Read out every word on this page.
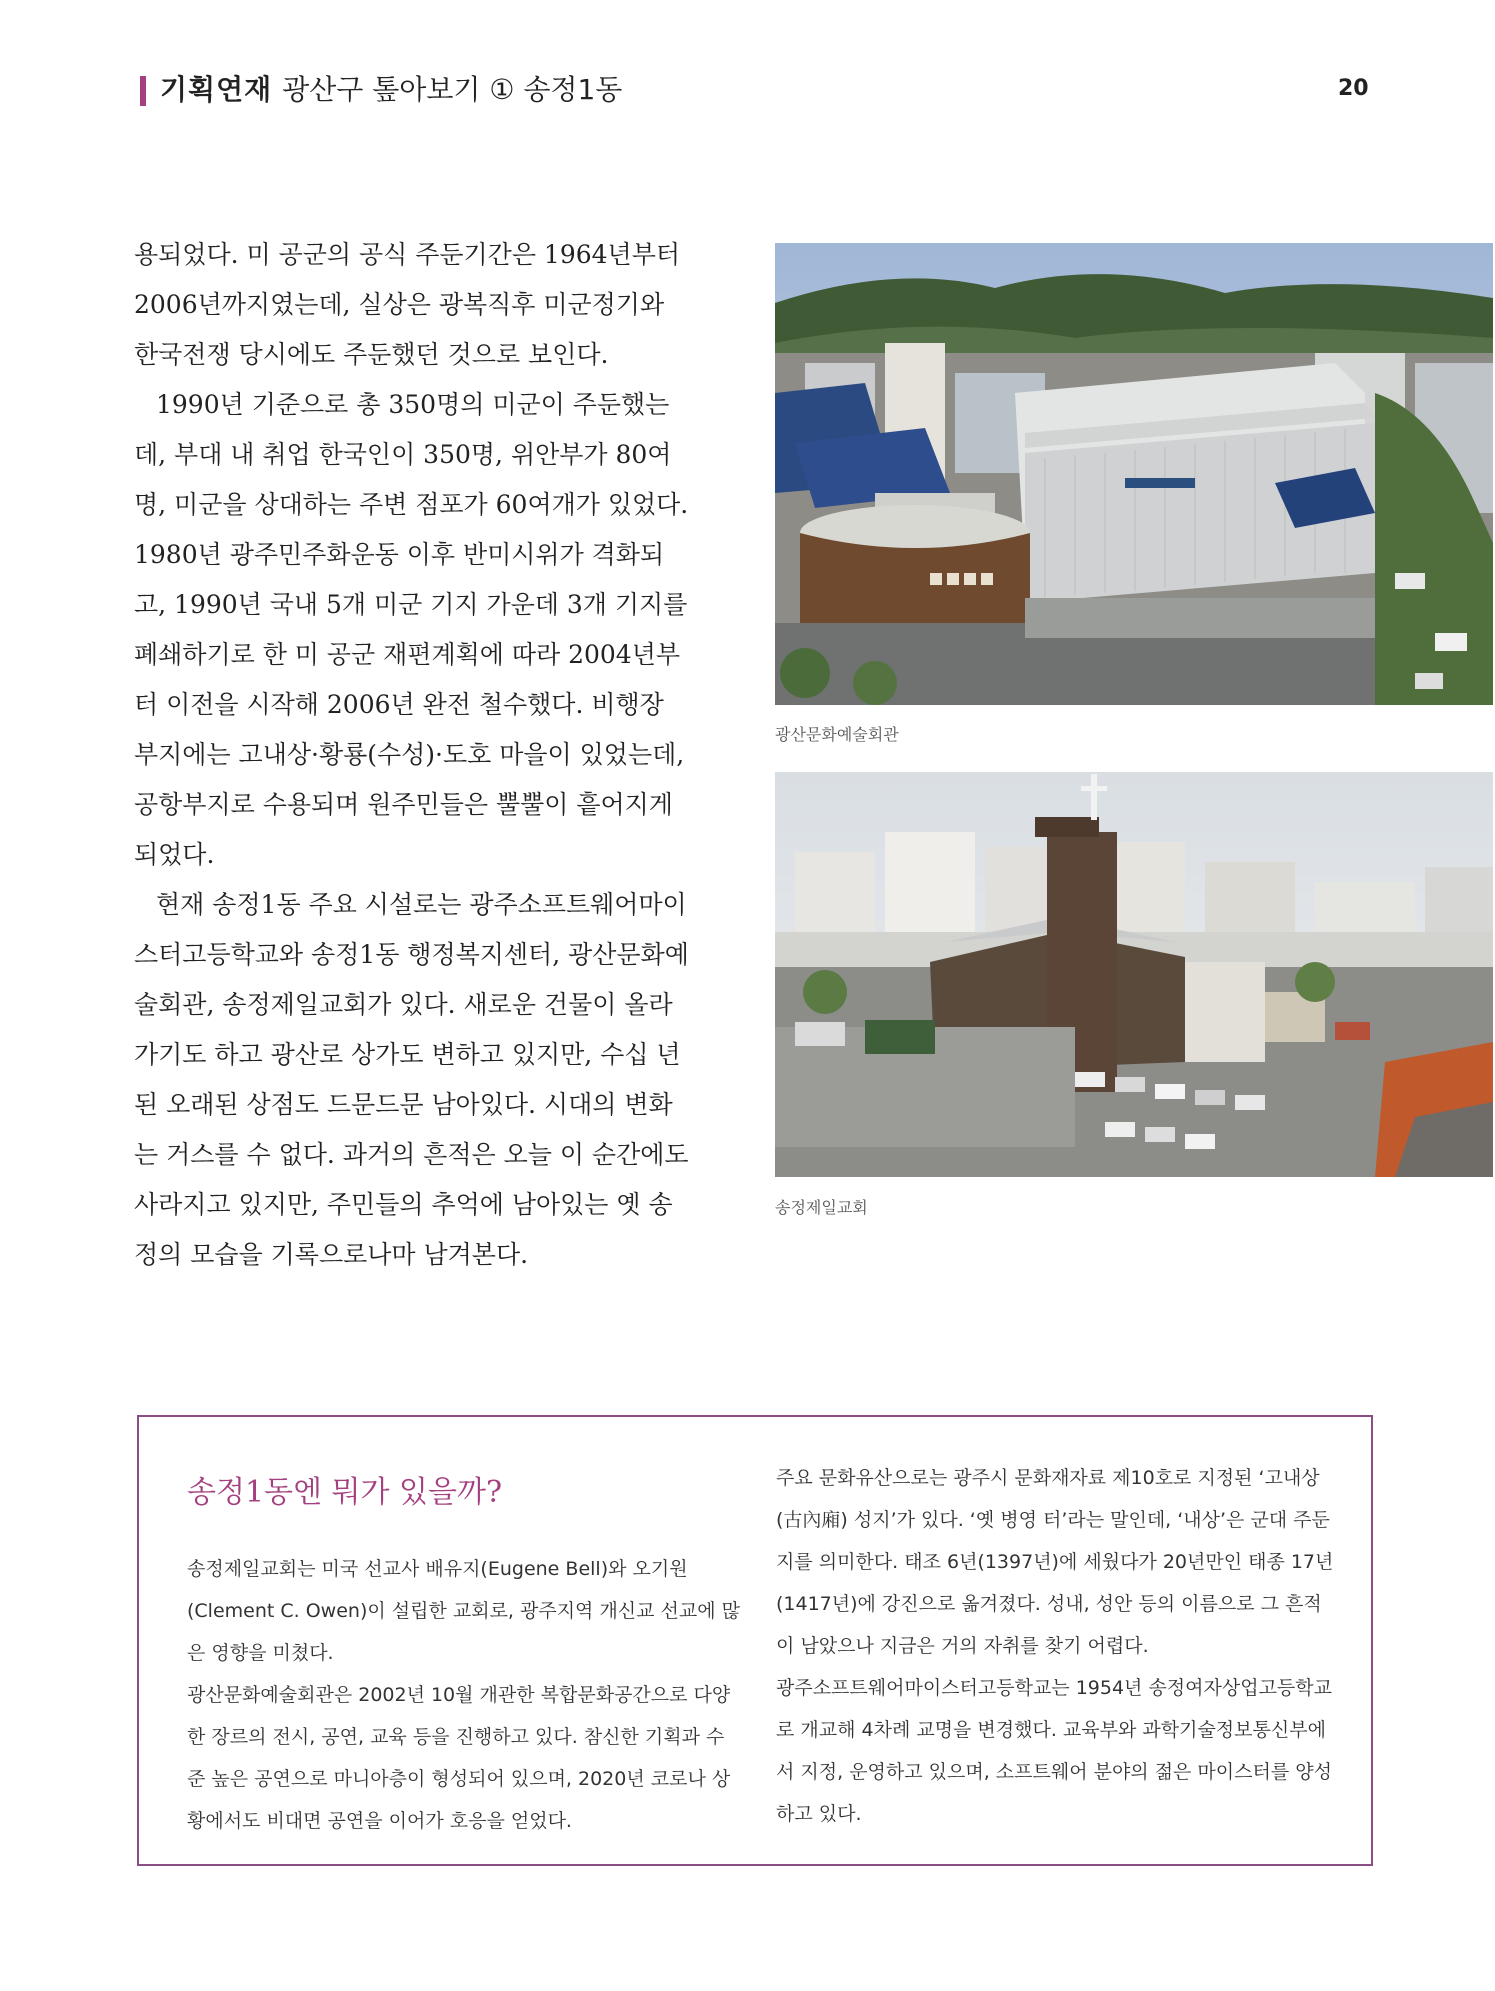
기획연재 광산구 톺아보기 ① 송정1동	20

용되었다. 미 공군의 공식 주둔기간은 1964년부터 2006년까지였는데, 실상은 광복직후 미군정기와 한국전쟁 당시에도 주둔했던 것으로 보인다.

1990년 기준으로 총 350명의 미군이 주둔했는데, 부대 내 취업 한국인이 350명, 위안부가 80여명, 미군을 상대하는 주변 점포가 60여개가 있었다. 1980년 광주민주화운동 이후 반미시위가 격화되고, 1990년 국내 5개 미군 기지 가운데 3개 기지를 폐쇄하기로 한 미 공군 재편계획에 따라 2004년부터 이전을 시작해 2006년 완전 철수했다. 비행장 부지에는 고내상·황룡(수성)·도호 마을이 있었는데, 공항부지로 수용되며 원주민들은 뿔뿔이 흩어지게 되었다.

현재 송정1동 주요 시설로는 광주소프트웨어마이스터고등학교와 송정1동 행정복지센터, 광산문화예술회관, 송정제일교회가 있다. 새로운 건물이 올라가기도 하고 광산로 상가도 변하고 있지만, 수십 년 된 오래된 상점도 드문드문 남아있다. 시대의 변화는 거스를 수 없다. 과거의 흔적은 오늘 이 순간에도 사라지고 있지만, 주민들의 추억에 남아있는 옛 송정의 모습을 기록으로나마 남겨본다.

광산문화예술회관
송정제일교회
송정1동엔 뭐가 있을까?

송정제일교회는 미국 선교사 배유지(Eugene Bell)와 오기원(Clement C. Owen)이 설립한 교회로, 광주지역 개신교 선교에 많은 영향을 미쳤다.

광산문화예술회관은 2002년 10월 개관한 복합문화공간으로 다양한 장르의 전시, 공연, 교육 등을 진행하고 있다. 참신한 기획과 수준 높은 공연으로 마니아층이 형성되어 있으며, 2020년 코로나 상황에서도 비대면 공연을 이어가 호응을 얻었다.

주요 문화유산으로는 광주시 문화재자료 제10호로 지정된 ‘고내상(古內廂) 성지’가 있다. ‘옛 병영 터’라는 말인데, ‘내상’은 군대 주둔지를 의미한다. 태조 6년(1397년)에 세웠다가 20년만인 태종 17년(1417년)에 강진으로 옮겨졌다. 성내, 성안 등의 이름으로 그 흔적이 남았으나 지금은 거의 자취를 찾기 어렵다.

광주소프트웨어마이스터고등학교는 1954년 송정여자상업고등학교로 개교해 4차례 교명을 변경했다. 교육부와 과학기술정보통신부에서 지정, 운영하고 있으며, 소프트웨어 분야의 젊은 마이스터를 양성하고 있다.
